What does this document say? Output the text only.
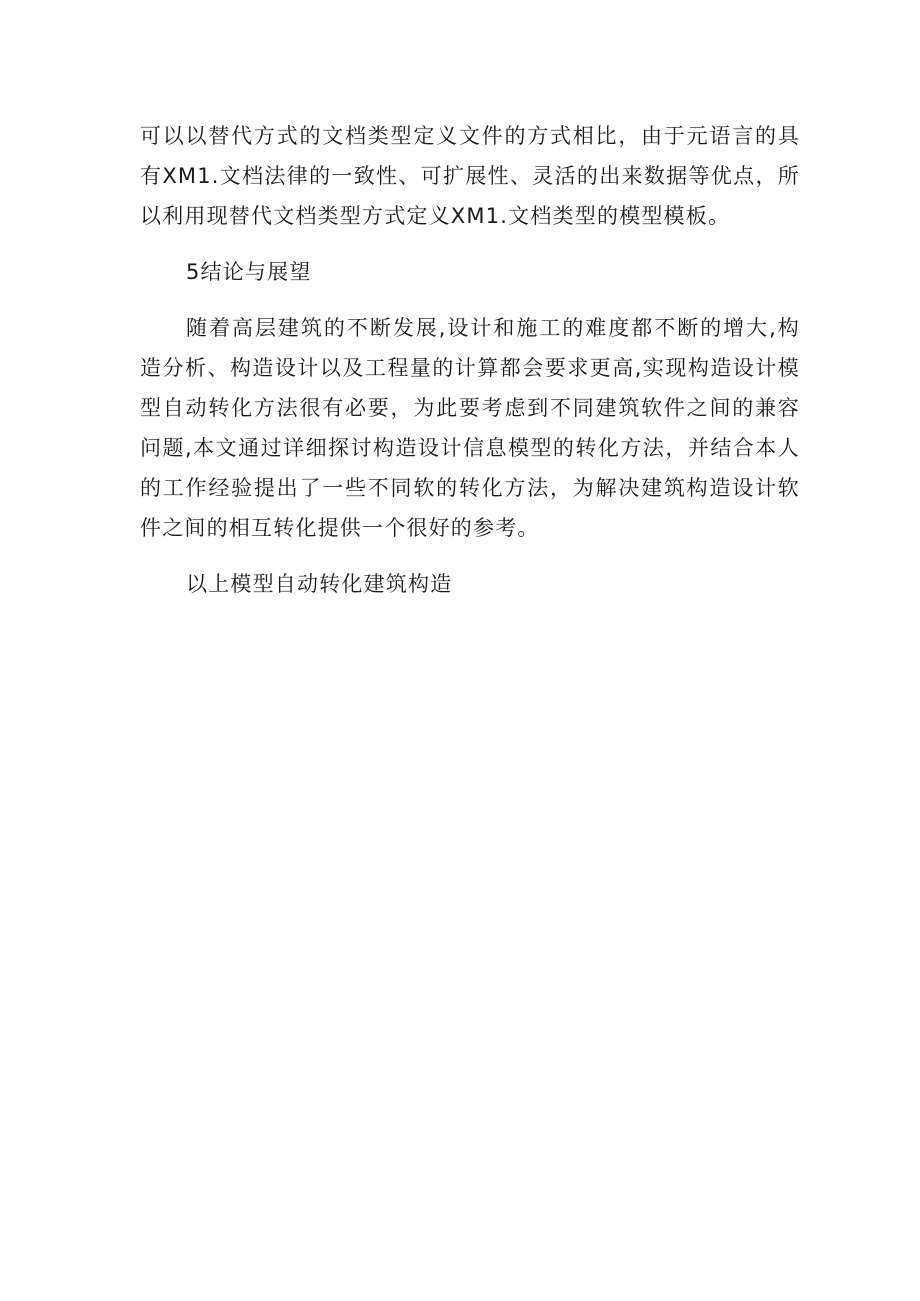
可以以替代方式的文档类型定义文件的方式相比，由于元语言的具有XM1.文档法律的一致性、可扩展性、灵活的出来数据等优点，所以利用现替代文档类型方式定义XM1.文档类型的模型模板。

5结论与展望

随着高层建筑的不断发展,设计和施工的难度都不断的增大,构造分析、构造设计以及工程量的计算都会要求更高,实现构造设计模型自动转化方法很有必要，为此要考虑到不同建筑软件之间的兼容问题,本文通过详细探讨构造设计信息模型的转化方法，并结合本人的工作经验提出了一些不同软的转化方法，为解决建筑构造设计软件之间的相互转化提供一个很好的参考。

以上模型自动转化建筑构造
